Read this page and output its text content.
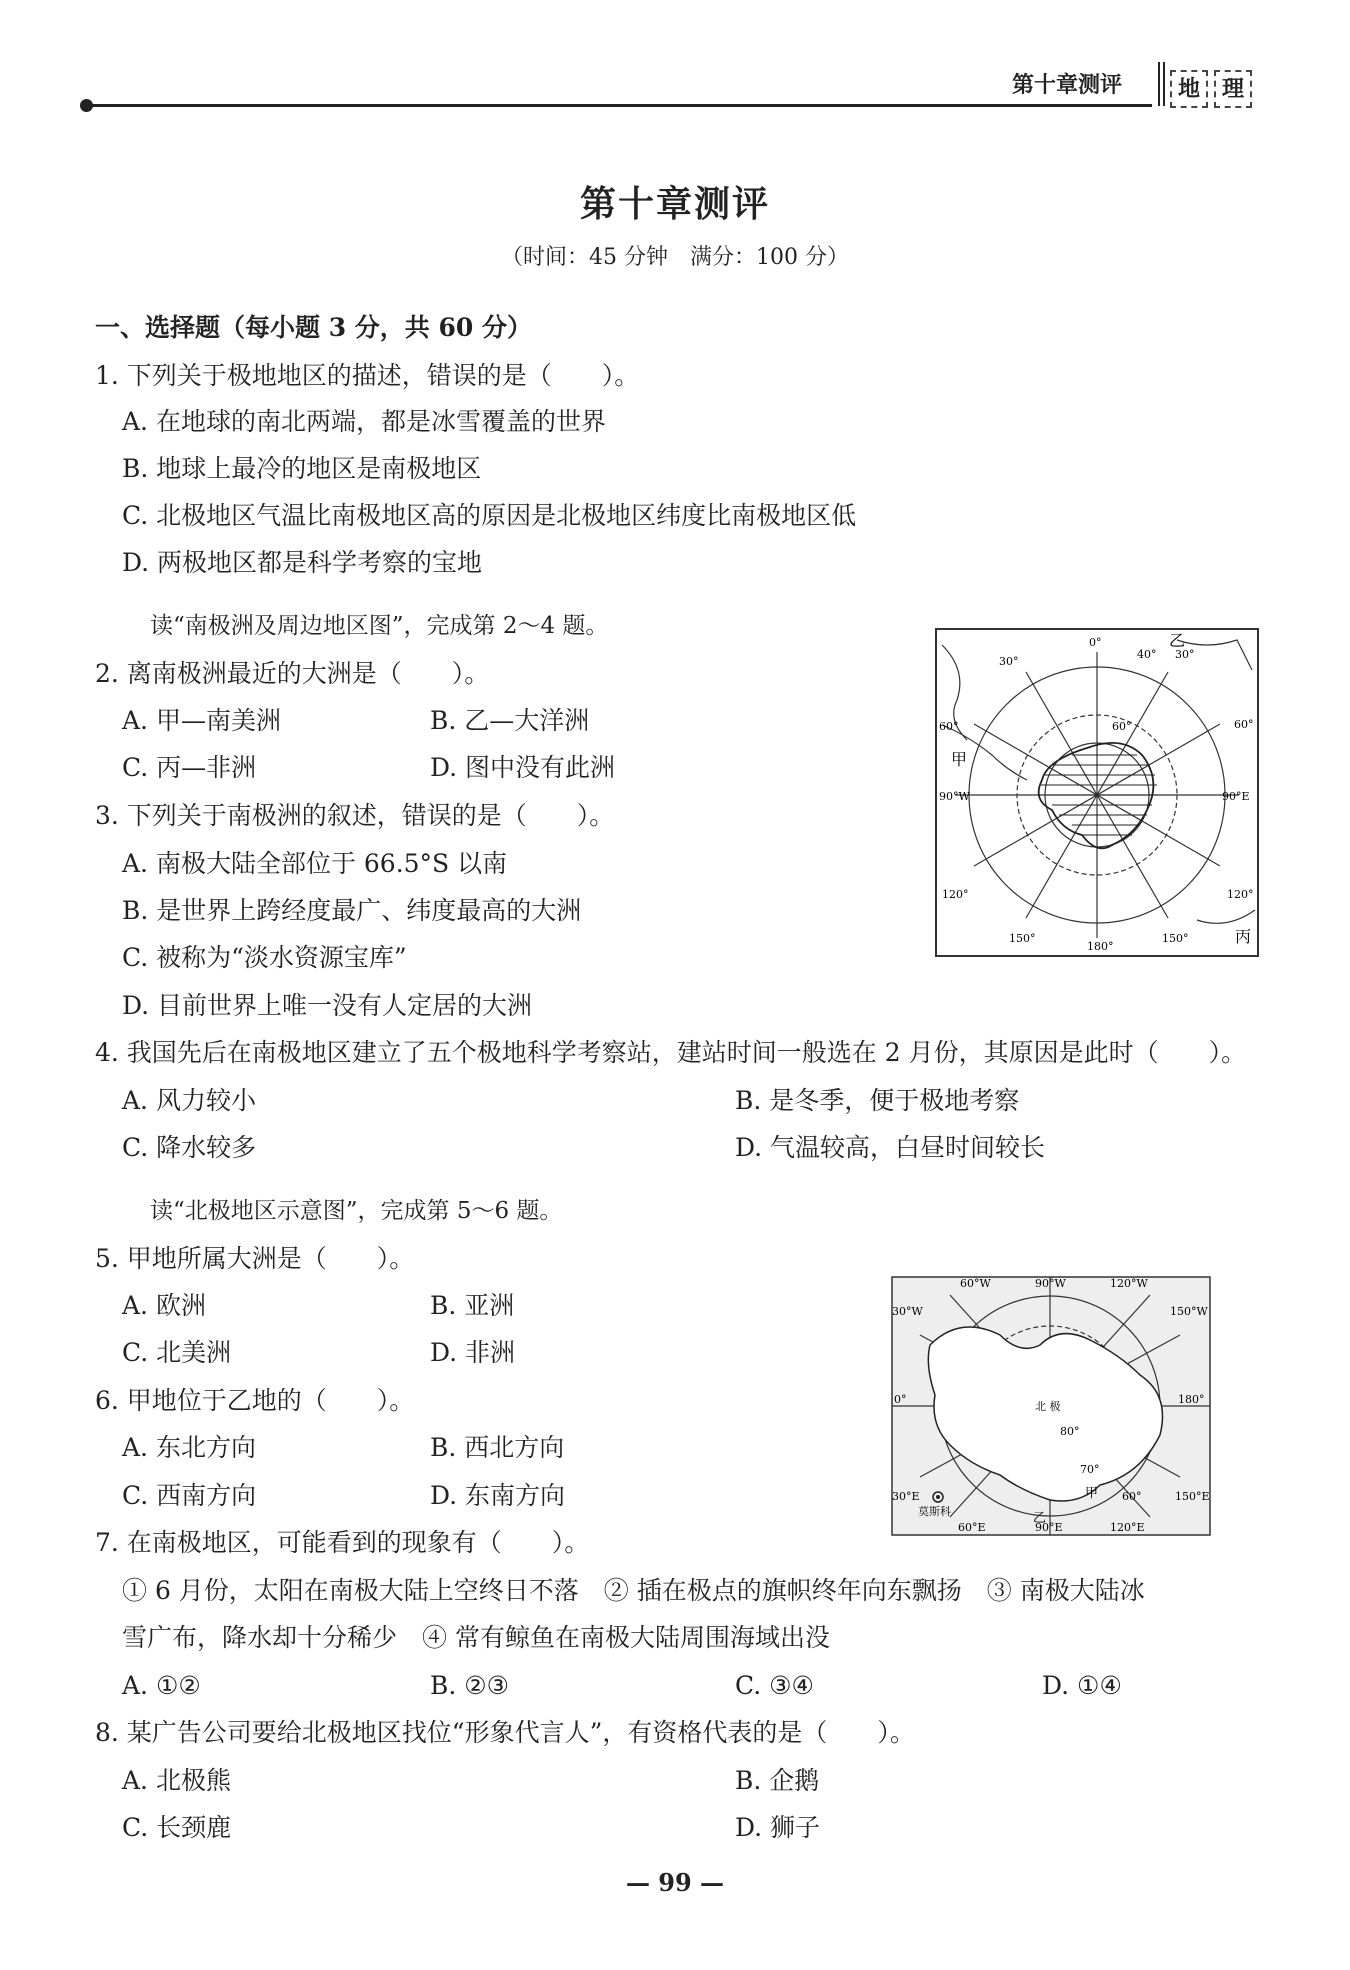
第十章测评	地 理
第十章测评
（时间：45 分钟　满分：100 分）
一、选择题（每小题 3 分，共 60 分）
1. 下列关于极地地区的描述，错误的是（　　）。
A. 在地球的南北两端，都是冰雪覆盖的世界
B. 地球上最冷的地区是南极地区
C. 北极地区气温比南极地区高的原因是北极地区纬度比南极地区低
D. 两极地区都是科学考察的宝地
读“南极洲及周边地区图”，完成第 2～4 题。
2. 离南极洲最近的大洲是（　　）。
A. 甲—南美洲	B. 乙—大洋洲
C. 丙—非洲	D. 图中没有此洲
3. 下列关于南极洲的叙述，错误的是（　　）。
A. 南极大陆全部位于 66.5°S 以南
B. 是世界上跨经度最广、纬度最高的大洲
C. 被称为“淡水资源宝库”
D. 目前世界上唯一没有人定居的大洲
4. 我国先后在南极地区建立了五个极地科学考察站，建站时间一般选在 2 月份，其原因是此时（　　）。
A. 风力较小	B. 是冬季，便于极地考察
C. 降水较多	D. 气温较高，白昼时间较长
读“北极地区示意图”，完成第 5～6 题。
5. 甲地所属大洲是（　　）。
A. 欧洲	B. 亚洲
C. 北美洲	D. 非洲
6. 甲地位于乙地的（　　）。
A. 东北方向	B. 西北方向
C. 西南方向	D. 东南方向
7. 在南极地区，可能看到的现象有（　　）。
① 6 月份，太阳在南极大陆上空终日不落　② 插在极点的旗帜终年向东飘扬　③ 南极大陆冰
雪广布，降水却十分稀少　④ 常有鲸鱼在南极大陆周围海域出没
A. ①②	B. ②③	C. ③④	D. ①④
8. 某广告公司要给北极地区找位“形象代言人”，有资格代表的是（　　）。
A. 北极熊	B. 企鹅
C. 长颈鹿	D. 狮子
0°
30°
40° 30°
60°	60°
60°
90°W	90°E
120°	120°
150°
180°
150°
甲
乙
丙
60°W	90°W	120°W
30°W	150°W
0°	180°
30°E	150°E
60°E	90°E	120°E
北 极
80°
70°
60°
甲
乙
莫斯科
— 99 —
